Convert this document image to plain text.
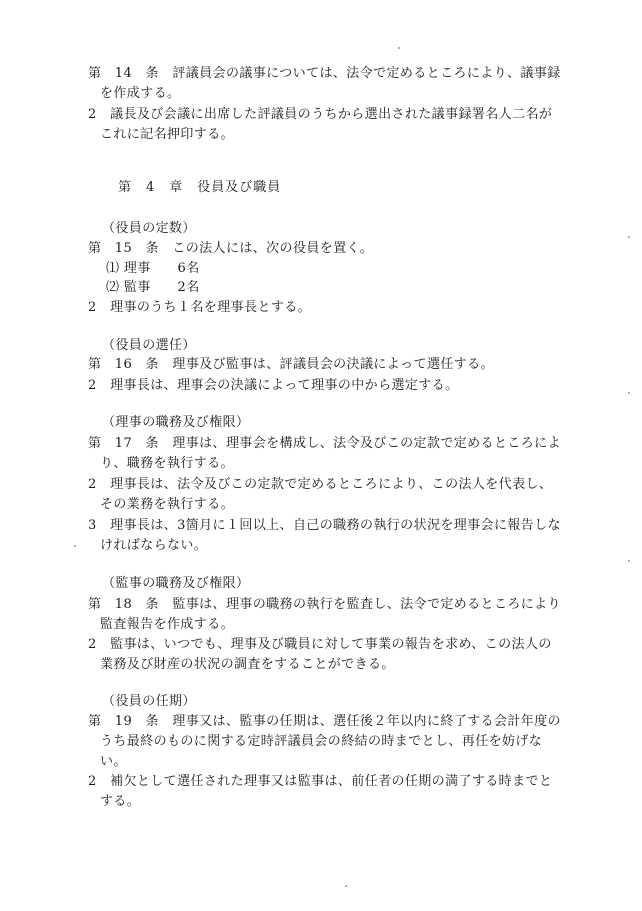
第　14　条　評議員会の議事については、法令で定めるところにより、議事録
を作成する。
2　議長及び会議に出席した評議員のうちから選出された議事録署名人二名が
これに記名押印する。
第　4　章　役員及び職員
（役員の定数）
第　15　条　この法人には、次の役員を置く。
⑴ 理事　　6名
⑵ 監事　　2名
2　理事のうち１名を理事長とする。
（役員の選任）
第　16　条　理事及び監事は、評議員会の決議によって選任する。
2　理事長は、理事会の決議によって理事の中から選定する。
（理事の職務及び権限）
第　17　条　理事は、理事会を構成し、法令及びこの定款で定めるところによ
り、職務を執行する。
2　理事長は、法令及びこの定款で定めるところにより、この法人を代表し、
その業務を執行する。
3　理事長は、3箇月に１回以上、自己の職務の執行の状況を理事会に報告しな
ければならない。
（監事の職務及び権限）
第　18　条　監事は、理事の職務の執行を監査し、法令で定めるところにより
監査報告を作成する。
2　監事は、いつでも、理事及び職員に対して事業の報告を求め、この法人の
業務及び財産の状況の調査をすることができる。
（役員の任期）
第　19　条　理事又は、監事の任期は、選任後２年以内に終了する会計年度の
うち最終のものに関する定時評議員会の終結の時までとし、再任を妨げな
い。
2　補欠として選任された理事又は監事は、前任者の任期の満了する時までと
する。
